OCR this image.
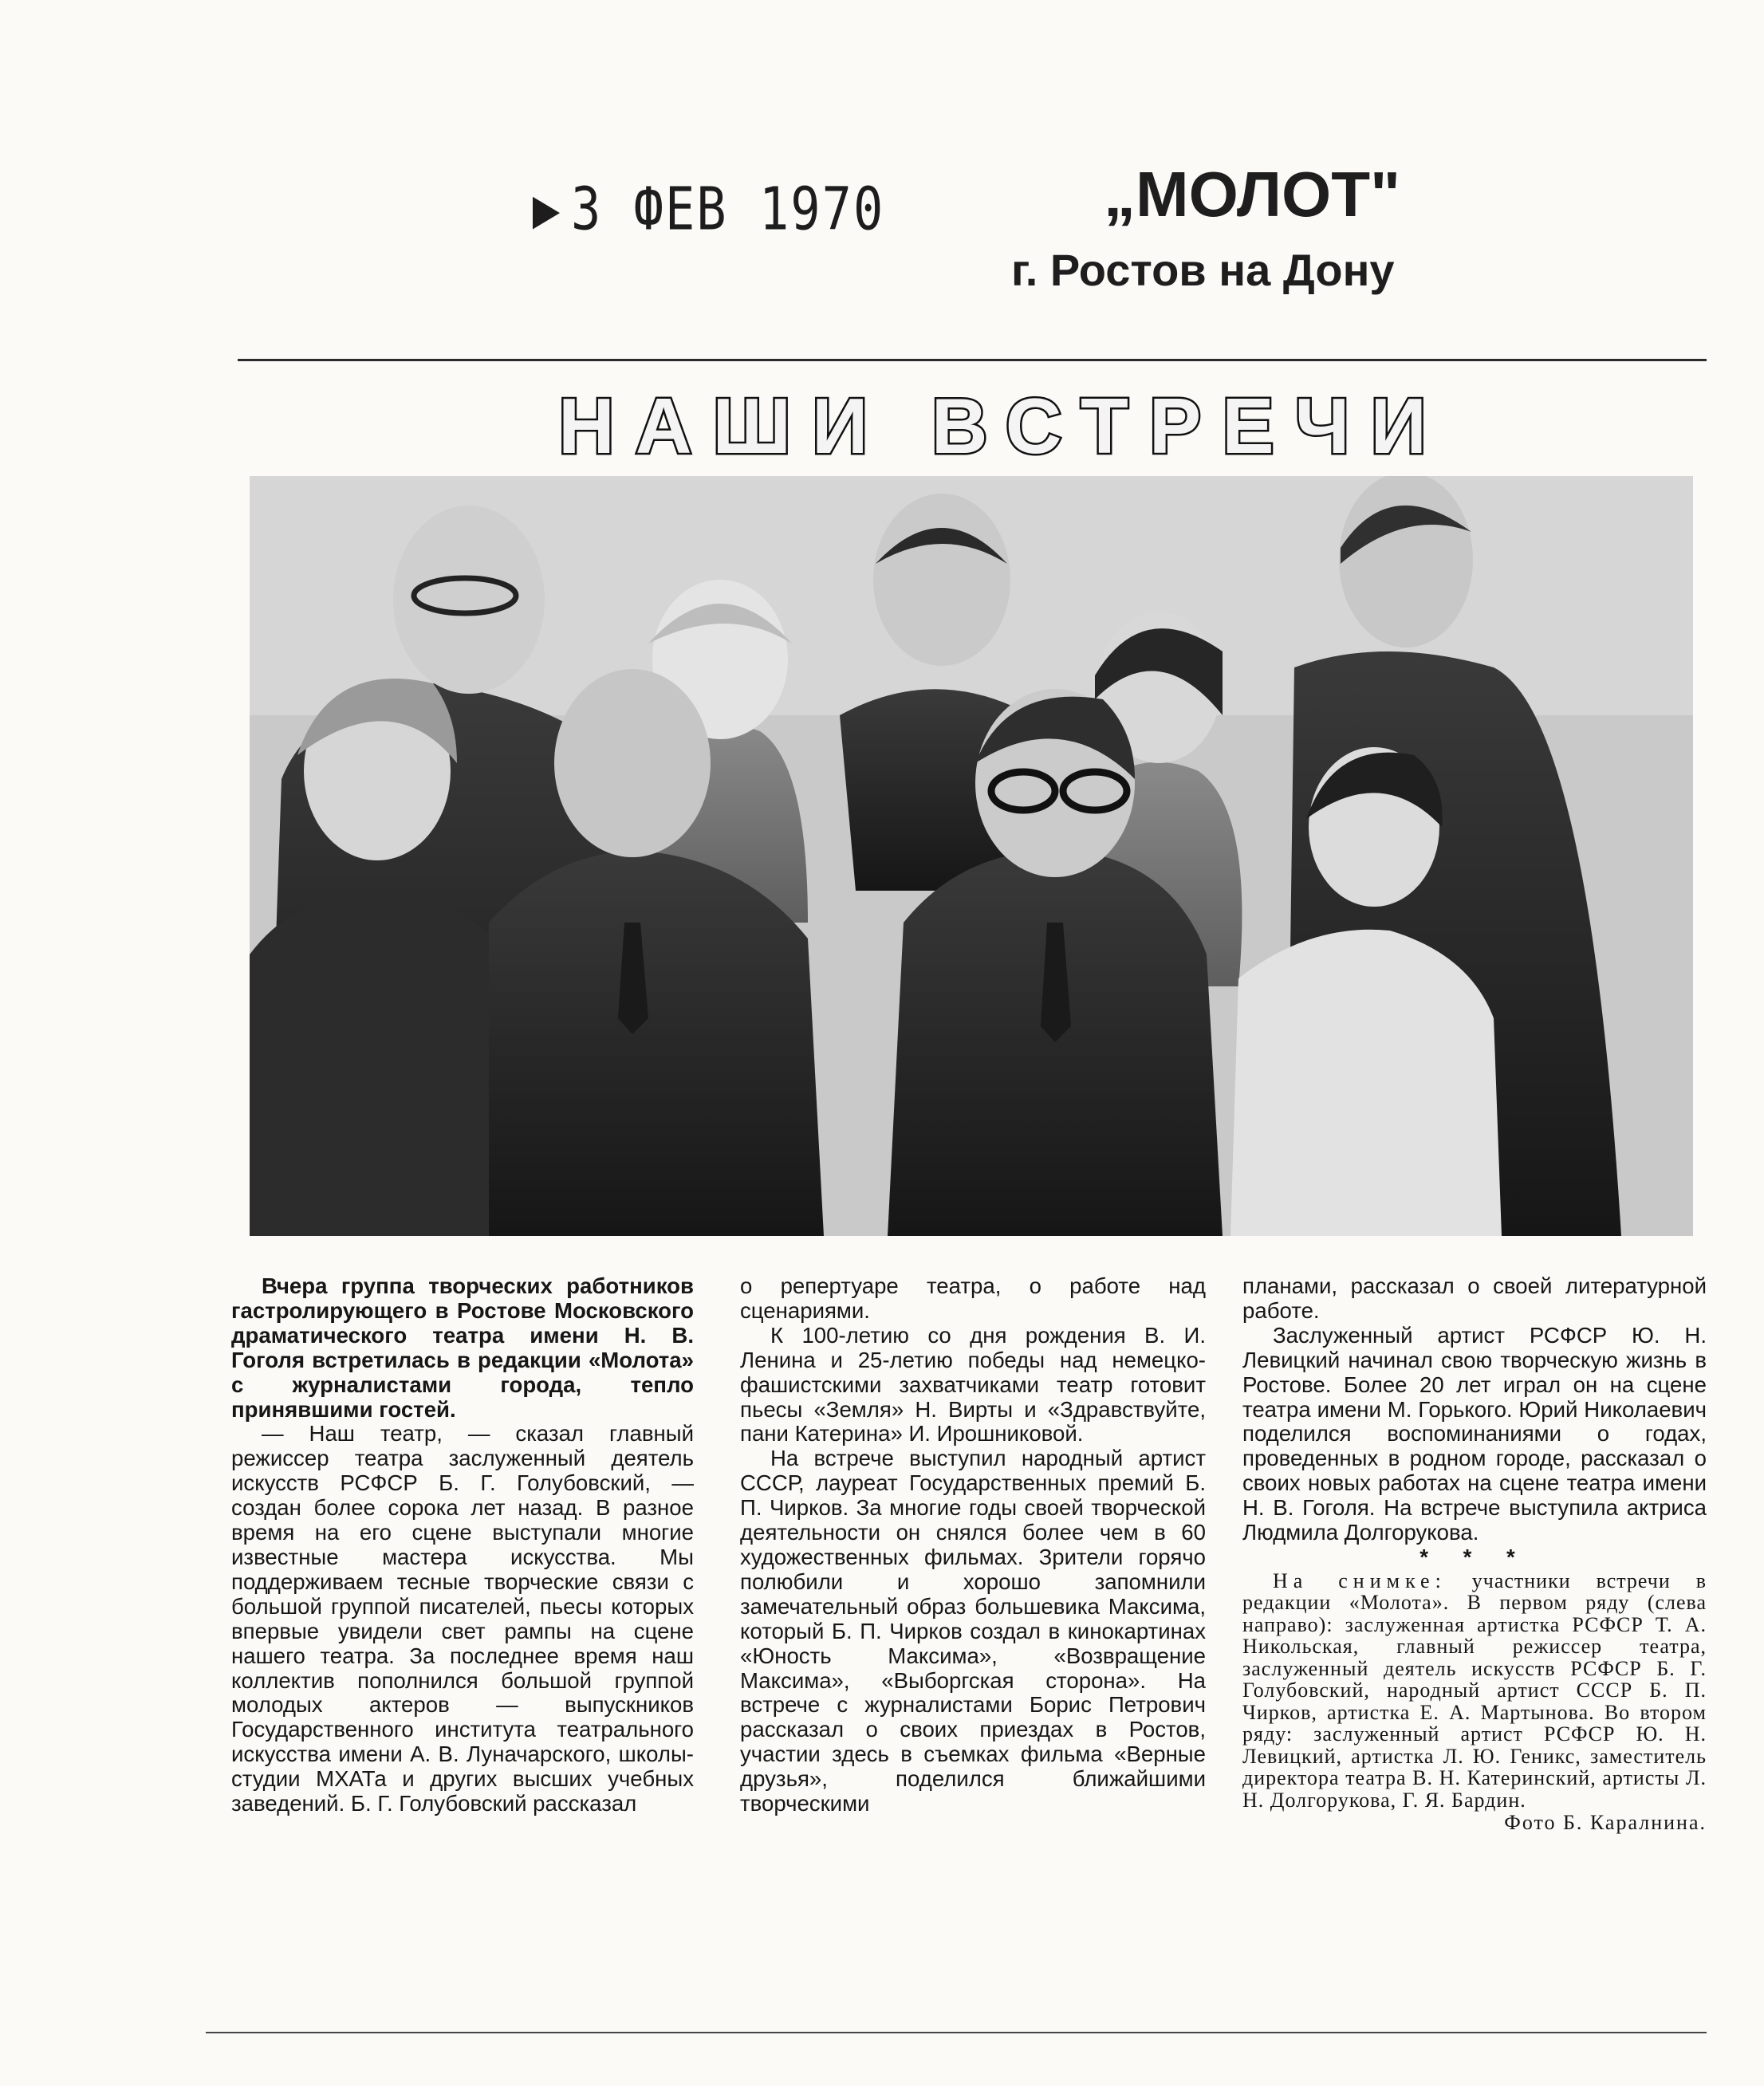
3 ФЕВ 1970	„МОЛОТ"
г. Ростов на Дону
НАШИ ВСТРЕЧИ

Вчера группа творческих работников гастролирующего в Ростове Московского драматического театра имени Н. В. Гоголя встретилась в редакции «Молота» с журналистами города, тепло принявшими гостей.

— Наш театр, — сказал главный режиссер театра заслуженный деятель искусств РСФСР Б. Г. Голубовский, — создан более сорока лет назад. В разное время на его сцене выступали многие известные мастера искусства. Мы поддерживаем тесные творческие связи с большой группой писателей, пьесы которых впервые увидели свет рампы на сцене нашего театра. За последнее время наш коллектив пополнился большой группой молодых актеров — выпускников Государственного института театрального искусства имени А. В. Луначарского, школы-студии МХАТа и других высших учебных заведений. Б. Г. Голубовский рассказал

о репертуаре театра, о работе над сценариями.

К 100-летию со дня рождения В. И. Ленина и 25-летию победы над немецко-фашистскими захватчиками театр готовит пьесы «Земля» Н. Вирты и «Здравствуйте, пани Катерина» И. Ирошниковой.

На встрече выступил народный артист СССР, лауреат Государственных премий Б. П. Чирков. За многие годы своей творческой деятельности он снялся более чем в 60 художественных фильмах. Зрители горячо полюбили и хорошо запомнили замечательный образ большевика Максима, который Б. П. Чирков создал в кинокартинах «Юность Максима», «Возвращение Максима», «Выборгская сторона». На встрече с журналистами Борис Петрович рассказал о своих приездах в Ростов, участии здесь в съемках фильма «Верные друзья», поделился ближайшими творческими

планами, рассказал о своей литературной работе.

Заслуженный артист РСФСР Ю. Н. Левицкий начинал свою творческую жизнь в Ростове. Более 20 лет играл он на сцене театра имени М. Горького. Юрий Николаевич поделился воспоминаниями о годах, проведенных в родном городе, рассказал о своих новых работах на сцене театра имени Н. В. Гоголя. На встрече выступила актриса Людмила Долгорукова.

* * *

На снимке: участники встречи в редакции «Молота». В первом ряду (слева направо): заслуженная артистка РСФСР Т. А. Никольская, главный режиссер театра, заслуженный деятель искусств РСФСР Б. Г. Голубовский, народный артист СССР Б. П. Чирков, артистка Е. А. Мартынова. Во втором ряду: заслуженный артист РСФСР Ю. Н. Левицкий, артистка Л. Ю. Геникс, заместитель директора театра В. Н. Катеринский, артисты Л. Н. Долгорукова, Г. Я. Бардин.

Фото Б. Каралнина.
